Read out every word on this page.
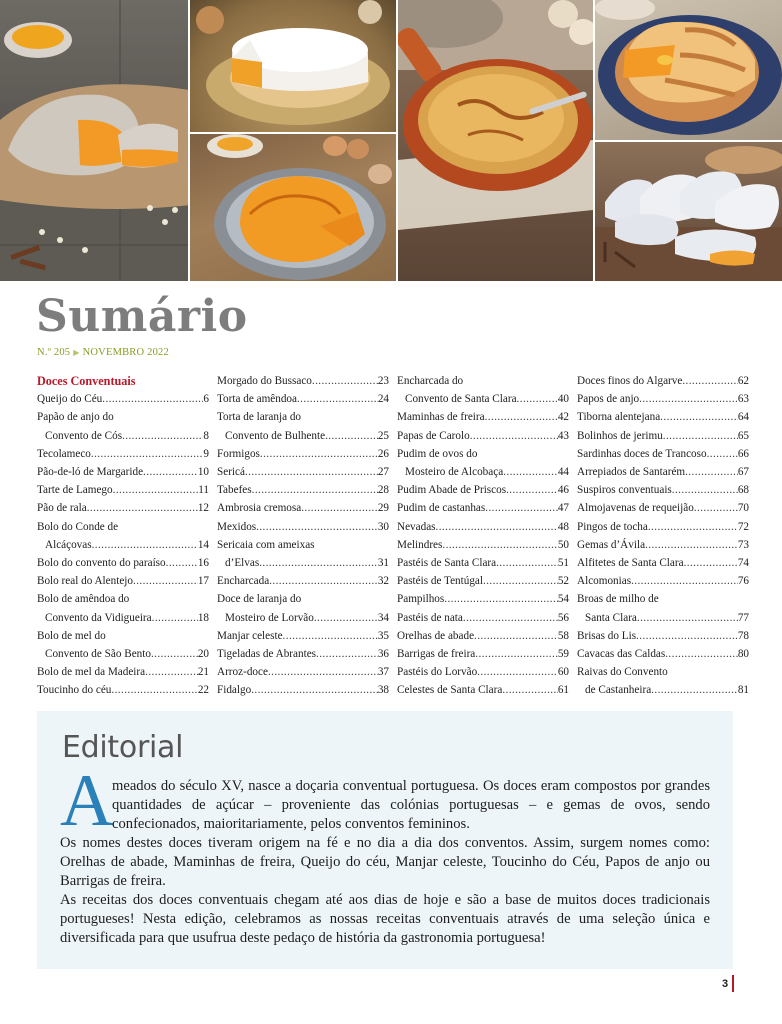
Sumário
N.º 205 ▶ NOVEMBRO 2022
Doces Conventuais
Queijo do Céu .....	6
Papão de anjo do
Convento de Cós .....	8
Tecolameco .....	9
Pão-de-ló de Margaride .....	10
Tarte de Lamego .....	11
Pão de rala .....	12
Bolo do Conde de
Alcáçovas .....	14
Bolo do convento do paraíso .....	16
Bolo real do Alentejo .....	17
Bolo de amêndoa do
Convento da Vidigueira .....	18
Bolo de mel do
Convento de São Bento .....	20
Bolo de mel da Madeira .....	21
Toucinho do céu .....	22
Morgado do Bussaco .....	23
Torta de amêndoa .....	24
Torta de laranja do
Convento de Bulhente .....	25
Formigos .....	26
Sericá .....	27
Tabefes .....	28
Ambrosia cremosa .....	29
Mexidos .....	30
Sericaia com ameixas
d’Elvas .....	31
Encharcada .....	32
Doce de laranja do
Mosteiro de Lorvão .....	34
Manjar celeste .....	35
Tigeladas de Abrantes .....	36
Arroz-doce .....	37
Fidalgo .....	38
Encharcada do
Convento de Santa Clara .....	40
Maminhas de freira .....	42
Papas de Carolo .....	43
Pudim de ovos do
Mosteiro de Alcobaça .....	44
Pudim Abade de Priscos .....	46
Pudim de castanhas .....	47
Nevadas .....	48
Melindres .....	50
Pastéis de Santa Clara .....	51
Pastéis de Tentúgal .....	52
Pampilhos .....	54
Pastéis de nata .....	56
Orelhas de abade .....	58
Barrigas de freira .....	59
Pastéis do Lorvão .....	60
Celestes de Santa Clara .....	61
Doces finos do Algarve .....	62
Papos de anjo .....	63
Tiborna alentejana .....	64
Bolinhos de jerimu .....	65
Sardinhas doces de Trancoso .....	66
Arrepiados de Santarém .....	67
Suspiros conventuais .....	68
Almojavenas de requeijão .....	70
Pingos de tocha .....	72
Gemas d’Ávila .....	73
Alfitetes de Santa Clara .....	74
Alcomonias .....	76
Broas de milho de
Santa Clara .....	77
Brisas do Lis .....	78
Cavacas das Caldas .....	80
Raivas do Convento
de Castanheira .....	81
Editorial
A
meados do século XV, nasce a doçaria conventual portuguesa. Os doces eram compostos por grandes quantidades de açúcar – proveniente das colónias portuguesas – e gemas de ovos, sendo confecionados, maioritariamente, pelos conventos femininos.
Os nomes destes doces tiveram origem na fé e no dia a dia dos conventos. Assim, surgem nomes como: Orelhas de abade, Maminhas de freira, Queijo do céu, Manjar celeste, Toucinho do Céu, Papos de anjo ou Barrigas de freira.

As receitas dos doces conventuais chegam até aos dias de hoje e são a base de muitos doces tradicionais portugueses! Nesta edição, celebramos as nossas receitas conventuais através de uma seleção única e diversificada para que usufrua deste pedaço de história da gastronomia portuguesa!

3
